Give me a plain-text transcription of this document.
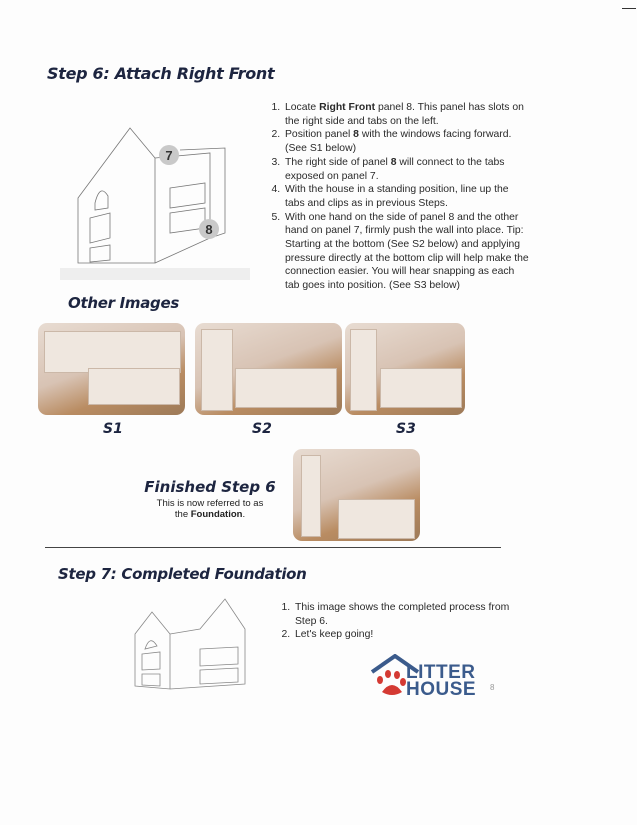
Step 6: Attach Right Front
7
8
1. Locate Right Front panel 8. This panel has slots on the right side and tabs on the left.
2. Position panel 8 with the windows facing forward. (See S1 below)
3. The right side of panel 8 will connect to the tabs exposed on panel 7.
4. With the house in a standing position, line up the tabs and clips as in previous Steps.
5. With one hand on the side of panel 8 and the other hand on panel 7, firmly push the wall into place. Tip: Starting at the bottom (See S2 below) and applying pressure directly at the bottom clip will help make the connection easier. You will hear snapping as each tab goes into position. (See S3 below)
Other Images
S1	S2	S3
Finished Step 6
This is now referred to as
the Foundation.
Step 7: Completed Foundation
1. This image shows the completed process from Step 6.
2. Let's keep going!
LITTER
HOUSE 8
